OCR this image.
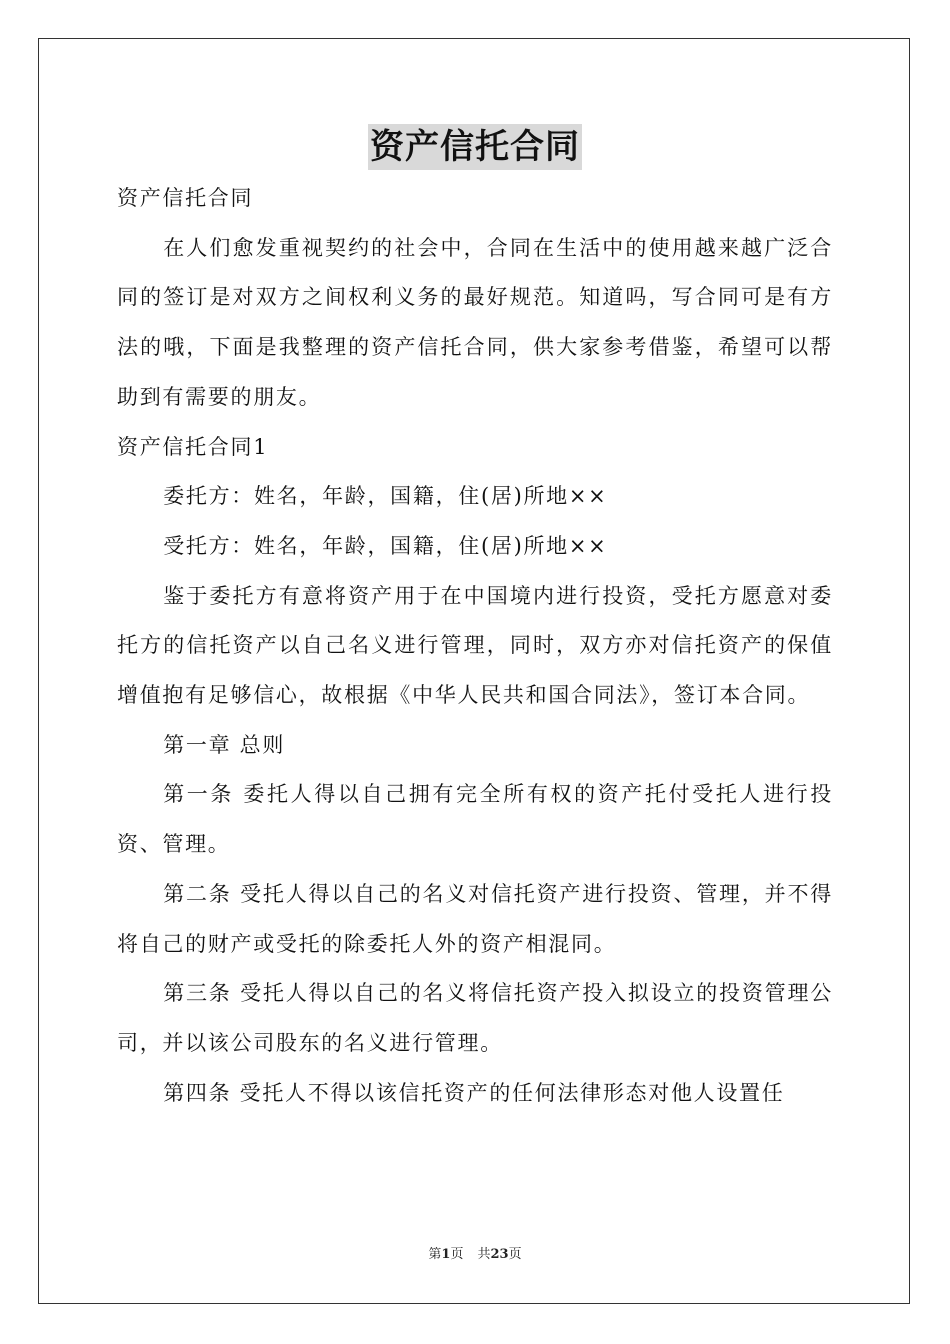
资产信托合同

资产信托合同

在人们愈发重视契约的社会中，合同在生活中的使用越来越广泛合同的签订是对双方之间权利义务的最好规范。知道吗，写合同可是有方法的哦，下面是我整理的资产信托合同，供大家参考借鉴，希望可以帮助到有需要的朋友。

资产信托合同1

委托方：姓名，年龄，国籍，住(居)所地××

受托方：姓名，年龄，国籍，住(居)所地××

鉴于委托方有意将资产用于在中国境内进行投资，受托方愿意对委托方的信托资产以自己名义进行管理，同时，双方亦对信托资产的保值增值抱有足够信心，故根据《中华人民共和国合同法》，签订本合同。

第一章 总则

第一条 委托人得以自己拥有完全所有权的资产托付受托人进行投资、管理。

第二条 受托人得以自己的名义对信托资产进行投资、管理，并不得将自己的财产或受托的除委托人外的资产相混同。

第三条 受托人得以自己的名义将信托资产投入拟设立的投资管理公司，并以该公司股东的名义进行管理。

第四条 受托人不得以该信托资产的任何法律形态对他人设置任

第1页 共23页
